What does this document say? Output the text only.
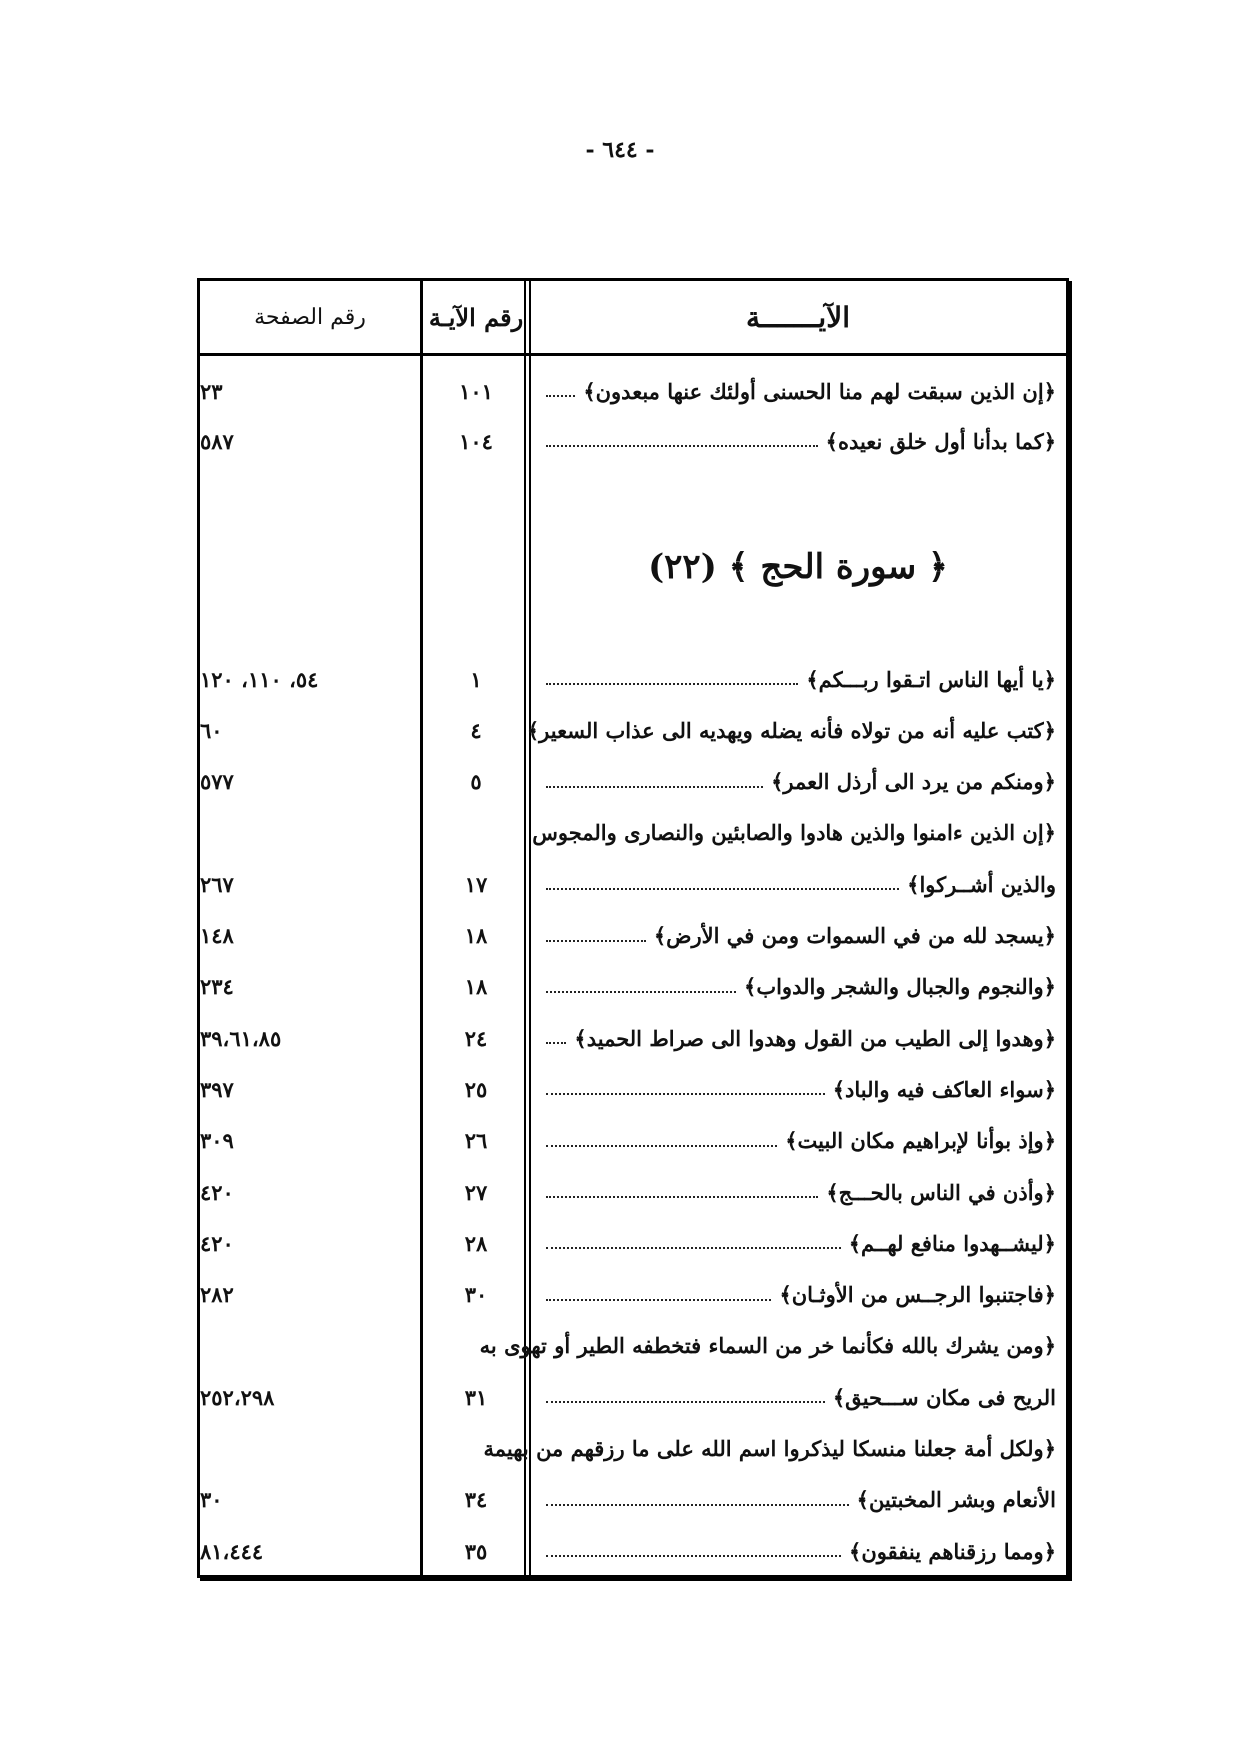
- ٦٤٤ -
الآيـــــــة
رقم الآيـة
رقم الصفحة
﴿ سورة الحج ﴾ (٢٢)
﴿إن الذين سبقت لهم منا الحسنى أولئك عنها مبعدون﴾
١٠١
٢٣
﴿كما بدأنا أول خلق نعيده﴾
١٠٤
٥٨٧
﴿يا أيها الناس اتـقوا ربـــكم﴾
١
٥٤، ١١٠، ١٢٠
﴿كتب عليه أنه من تولاه فأنه يضله ويهديه الى عذاب السعير﴾
٤
٦٠
﴿ومنكم من يرد الى أرذل العمر﴾
٥
٥٧٧
﴿إن الذين ءامنوا والذين هادوا والصابئين والنصارى والمجوس
والذين أشــركوا﴾
١٧
٢٦٧
﴿يسجد لله من في السموات ومن في الأرض﴾
١٨
١٤٨
﴿والنجوم والجبال والشجر والدواب﴾
١٨
٢٣٤
﴿وهدوا إلى الطيب من القول وهدوا الى صراط الحميد﴾
٢٤
٣٩،٦١،٨٥
﴿سواء العاكف فيه والباد﴾
٢٥
٣٩٧
﴿وإذ بوأنا لإبراهيم مكان البيت﴾
٢٦
٣٠٩
﴿وأذن في الناس بالحـــج﴾
٢٧
٤٢٠
﴿ليشــهدوا منافع لهــم﴾
٢٨
٤٢٠
﴿فاجتنبوا الرجــس من الأوثـان﴾
٣٠
٢٨٢
﴿ومن يشرك بالله فكأنما خر من السماء فتخطفه الطير أو تهوى به
الريح فى مكان ســـحيق﴾
٣١
٢٥٢،٢٩٨
﴿ولكل أمة جعلنا منسكا ليذكروا اسم الله على ما رزقهم من بهيمة
الأنعام وبشر المخبتين﴾
٣٤
٣٠
﴿ومما رزقناهم ينفقون﴾
٣٥
٨١،٤٤٤
